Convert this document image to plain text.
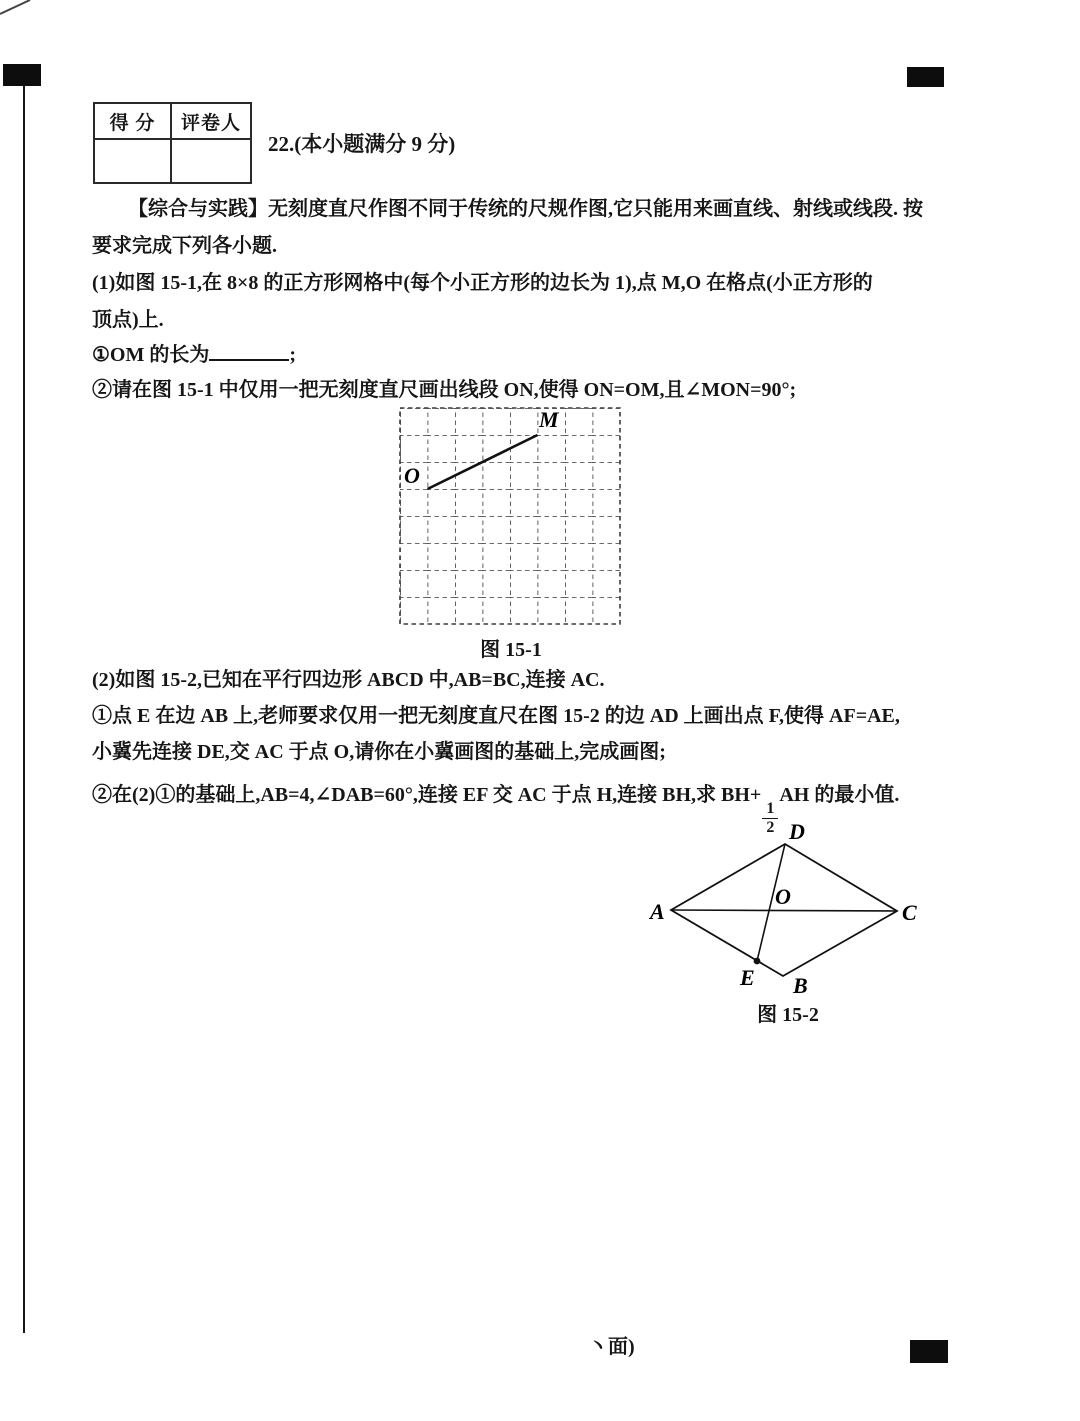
得 分	评卷人
22.(本小题满分 9 分)
【综合与实践】无刻度直尺作图不同于传统的尺规作图,它只能用来画直线、射线或线段. 按
要求完成下列各小题.
(1)如图 15-1,在 8×8 的正方形网格中(每个小正方形的边长为 1),点 M,O 在格点(小正方形的
顶点)上.
①OM 的长为	;
②请在图 15-1 中仅用一把无刻度直尺画出线段 ON,使得 ON=OM,且∠MON=90°;
O
M
图 15-1
(2)如图 15-2,已知在平行四边形 ABCD 中,AB=BC,连接 AC.
①点 E 在边 AB 上,老师要求仅用一把无刻度直尺在图 15-2 的边 AD 上画出点 F,使得 AF=AE,
小冀先连接 DE,交 AC 于点 O,请你在小冀画图的基础上,完成画图;
②在(2)①的基础上,AB=4,∠DAB=60°,连接 EF 交 AC 于点 H,连接 BH,求 BH+
$\frac{1}{2}$
AH 的最小值.
A
D
C
B
E
O
图 15-2
丶面)
